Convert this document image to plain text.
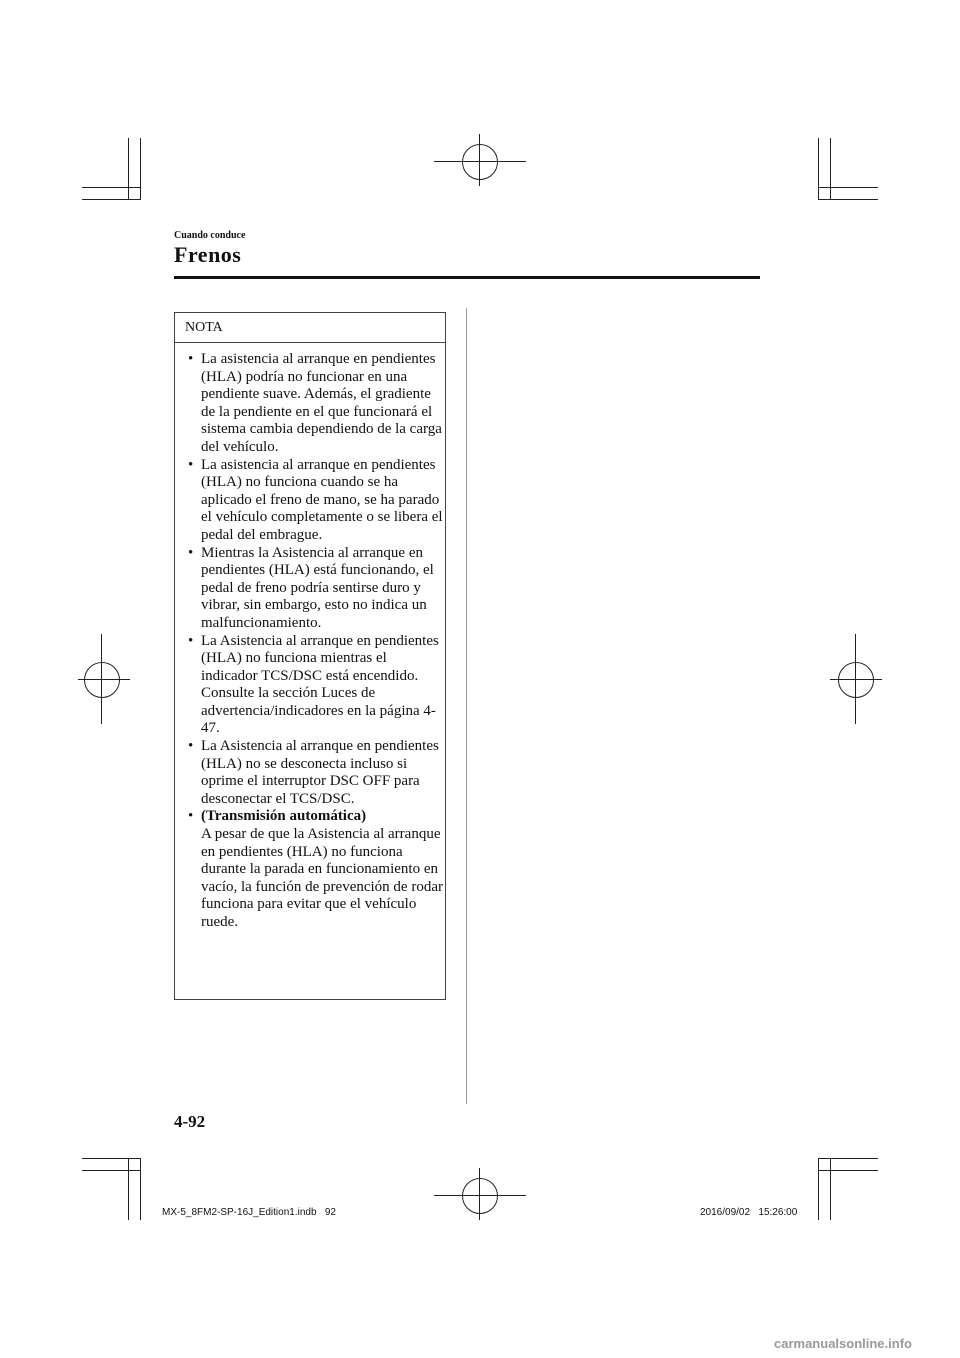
Cuando conduce
Frenos
NOTA
• La asistencia al arranque en pendientes (HLA) podría no funcionar en una pendiente suave. Además, el gradiente de la pendiente en el que funcionará el sistema cambia dependiendo de la carga del vehículo.
• La asistencia al arranque en pendientes (HLA) no funciona cuando se ha aplicado el freno de mano, se ha parado el vehículo completamente o se libera el pedal del embrague.
• Mientras la Asistencia al arranque en pendientes (HLA) está funcionando, el pedal de freno podría sentirse duro y vibrar, sin embargo, esto no indica un malfuncionamiento.
• La Asistencia al arranque en pendientes (HLA) no funciona mientras el indicador TCS/DSC está encendido.
Consulte la sección Luces de advertencia/indicadores en la página 4-47.
• La Asistencia al arranque en pendientes (HLA) no se desconecta incluso si oprime el interruptor DSC OFF para desconectar el TCS/DSC.
• (Transmisión automática)
A pesar de que la Asistencia al arranque en pendientes (HLA) no funciona durante la parada en funcionamiento en vacío, la función de prevención de rodar funciona para evitar que el vehículo ruede.
4-92
MX-5_8FM2-SP-16J_Edition1.indb   92	2016/09/02   15:26:00
carmanualsonline.info
